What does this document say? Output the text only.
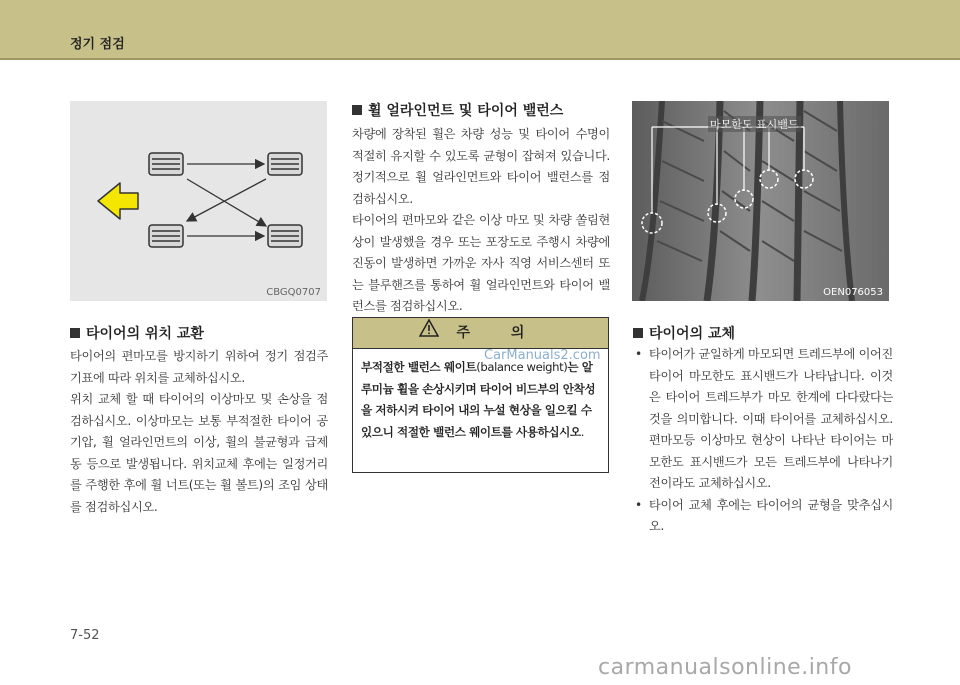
정기 점검
CBGQ0707
타이어의 위치 교환

타이어의 편마모를 방지하기 위하여 정기 점검주기표에 따라 위치를 교체하십시오.

위치 교체 할 때 타이어의 이상마모 및 손상을 점검하십시오. 이상마모는 보통 부적절한 타이어 공기압, 휠 얼라인먼트의 이상, 휠의 불균형과 급제동 등으로 발생됩니다. 위치교체 후에는 일정거리를 주행한 후에 휠 너트(또는 휠 볼트)의 조임 상태를 점검하십시오.

휠 얼라인먼트 및 타이어 밸런스

차량에 장착된 휠은 차량 성능 및 타이어 수명이 적절히 유지할 수 있도록 균형이 잡혀져 있습니다. 정기적으로 휠 얼라인먼트와 타이어 밸런스를 점검하십시오.

타이어의 편마모와 같은 이상 마모 및 차량 쏠림현상이 발생했을 경우 또는 포장도로 주행시 차량에 진동이 발생하면 가까운 자사 직영 서비스센터 또는 블루핸즈를 통하여 휠 얼라인먼트와 타이어 밸런스를 점검하십시오.

주 의
부적절한 밸런스 웨이트(balance weight)는 알루미늄 휠을 손상시키며 타이어 비드부의 안착성을 저하시켜 타이어 내의 누설 현상을 일으킬 수 있으니 적절한 밸런스 웨이트를 사용하십시오.
마모한도 표시밴드
OEN076053
타이어의 교체
• 타이어가 균일하게 마모되면 트레드부에 이어진 타이어 마모한도 표시밴드가 나타납니다. 이것은 타이어 트레드부가 마모 한계에 다다랐다는 것을 의미합니다. 이때 타이어를 교체하십시오. 편마모등 이상마모 현상이 나타난 타이어는 마모한도 표시밴드가 모든 트레드부에 나타나기 전이라도 교체하십시오.
• 타이어 교체 후에는 타이어의 균형을 맞추십시오.
CarManuals2.com
7-52
carmanualsonline.info
